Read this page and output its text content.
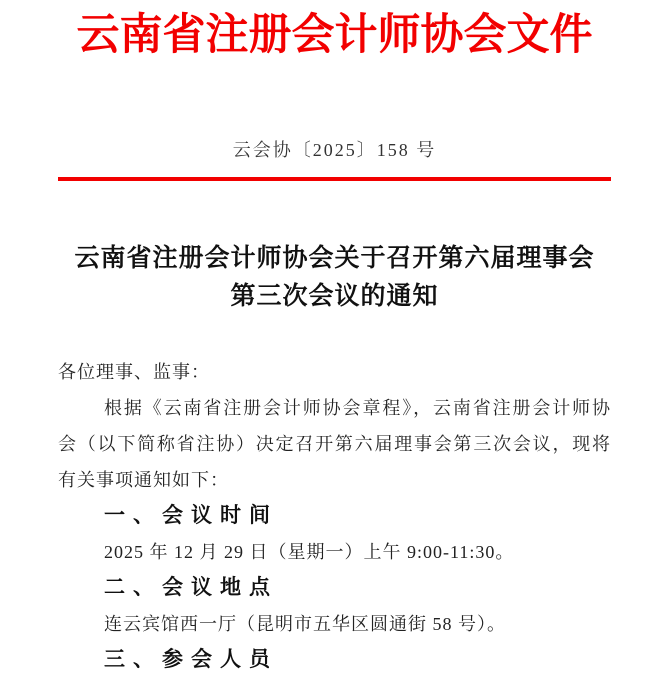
云南省注册会计师协会文件
云会协〔2025〕158 号
云南省注册会计师协会关于召开第六届理事会
第三次会议的通知
各位理事、监事：
根据《云南省注册会计师协会章程》，云南省注册会计师协
会（以下简称省注协）决定召开第六届理事会第三次会议，现将
有关事项通知如下：
一、会议时间
2025 年 12 月 29 日（星期一）上午 9:00-11:30。
二、会议地点
连云宾馆西一厅（昆明市五华区圆通街 58 号）。
三、参会人员
